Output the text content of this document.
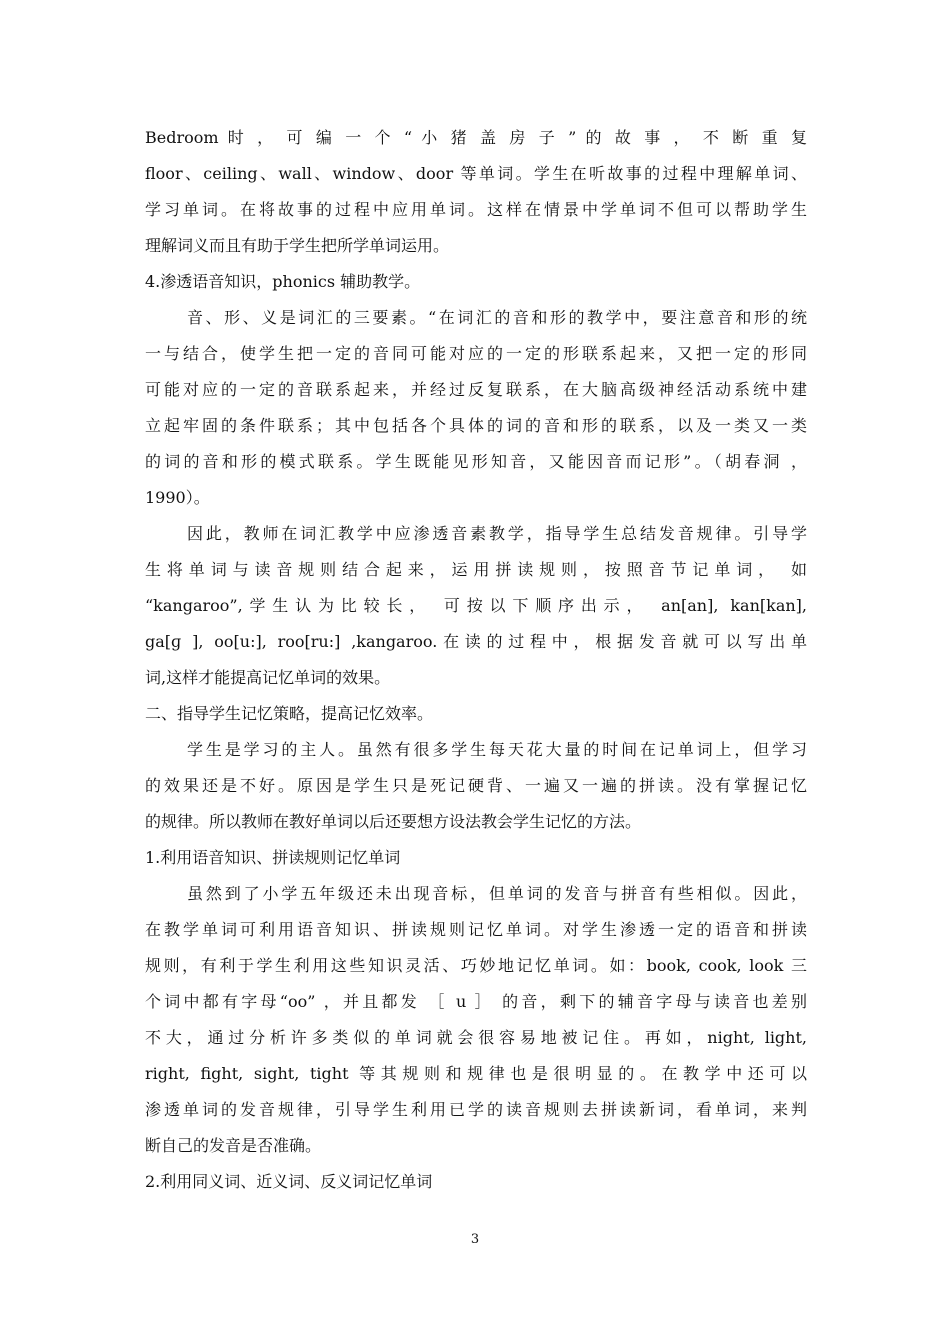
Bedroom 时 ， 可 编 一 个 “ 小 猪 盖 房 子 ” 的 故 事 ， 不 断 重 复
floor、ceiling、wall、window、door 等单词。学生在听故事的过程中理解单词、
学习单词。在将故事的过程中应用单词。这样在情景中学单词不但可以帮助学生
理解词义而且有助于学生把所学单词运用。
4.渗透语音知识，phonics 辅助教学。
音、形、义是词汇的三要素。“在词汇的音和形的教学中，要注意音和形的统
一与结合，使学生把一定的音同可能对应的一定的形联系起来，又把一定的形同
可能对应的一定的音联系起来，并经过反复联系，在大脑高级神经活动系统中建
立起牢固的条件联系；其中包括各个具体的词的音和形的联系，以及一类又一类
的词的音和形的模式联系。学生既能见形知音，又能因音而记形”。（胡春洞 ，
1990）。
因此，教师在词汇教学中应渗透音素教学，指导学生总结发音规律。引导学
生将单词与读音规则结合起来，运用拼读规则，按照音节记单词， 如
“kangaroo”,学生认为比较长， 可按以下顺序出示， an[an], kan[kan],
ga[ɡ ], oo[u:], roo[ru:] ,kangaroo.在读的过程中，根据发音就可以写出单
词,这样才能提高记忆单词的效果。
二、指导学生记忆策略，提高记忆效率。
学生是学习的主人。虽然有很多学生每天花大量的时间在记单词上，但学习
的效果还是不好。原因是学生只是死记硬背、一遍又一遍的拼读。没有掌握记忆
的规律。所以教师在教好单词以后还要想方设法教会学生记忆的方法。
1.利用语音知识、拼读规则记忆单词
虽然到了小学五年级还未出现音标，但单词的发音与拼音有些相似。因此，
在教学单词可利用语音知识、拼读规则记忆单词。对学生渗透一定的语音和拼读
规则，有利于学生利用这些知识灵活、巧妙地记忆单词。如：book, cook, look 三
个词中都有字母“oo” ，并且都发 ［ u ］ 的音，剩下的辅音字母与读音也差别
不大，通过分析许多类似的单词就会很容易地被记住。再如，night, light,
right, fight, sight, tight 等其规则和规律也是很明显的。在教学中还可以
渗透单词的发音规律，引导学生利用已学的读音规则去拼读新词，看单词，来判
断自己的发音是否准确。
2.利用同义词、近义词、反义词记忆单词
3
